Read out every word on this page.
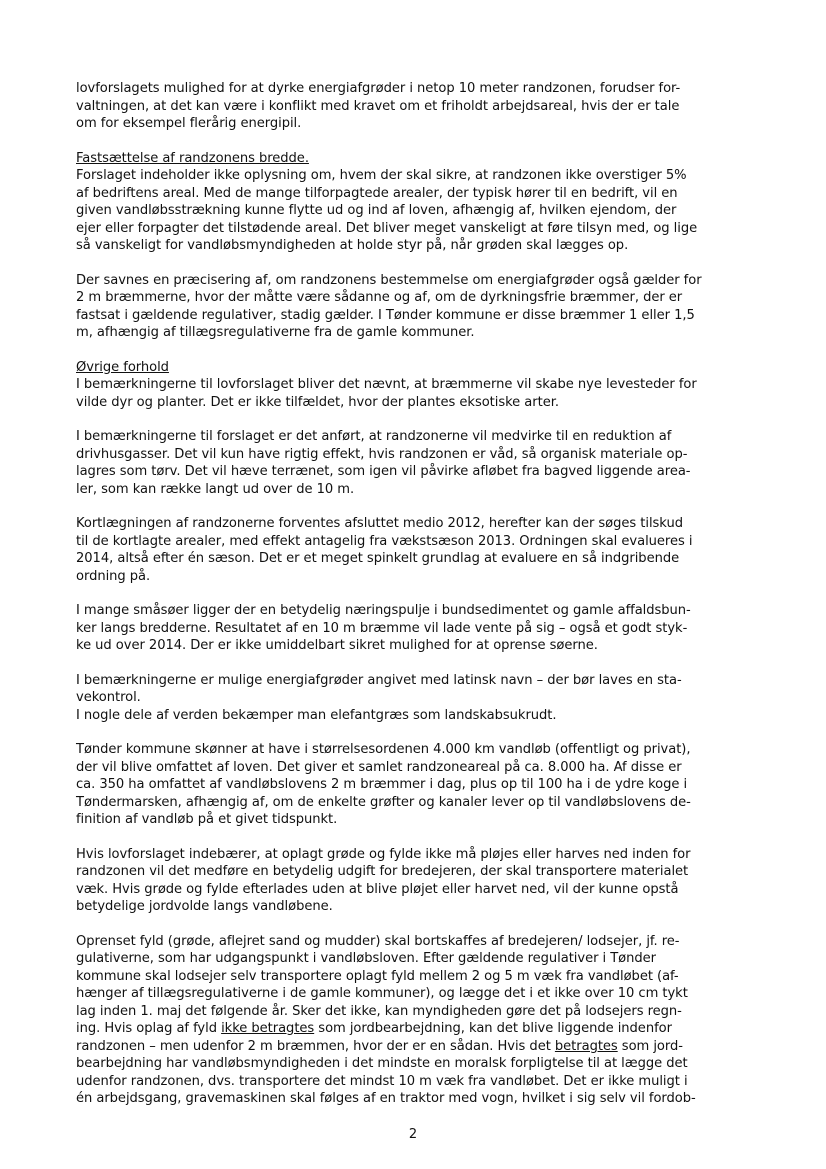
lovforslagets mulighed for at dyrke energiafgrøder i netop 10 meter randzonen, forudser for-
valtningen, at det kan være i konflikt med kravet om et friholdt arbejdsareal, hvis der er tale
om for eksempel flerårig energipil.
Fastsættelse af randzonens bredde.
Forslaget indeholder ikke oplysning om, hvem der skal sikre, at randzonen ikke overstiger 5%
af bedriftens areal. Med de mange tilforpagtede arealer, der typisk hører til en bedrift, vil en
given vandløbsstrækning kunne flytte ud og ind af loven, afhængig af, hvilken ejendom, der
ejer eller forpagter det tilstødende areal. Det bliver meget vanskeligt at føre tilsyn med, og lige
så vanskeligt for vandløbsmyndigheden at holde styr på, når grøden skal lægges op.
Der savnes en præcisering af, om randzonens bestemmelse om energiafgrøder også gælder for
2 m bræmmerne, hvor der måtte være sådanne og af, om de dyrkningsfrie bræmmer, der er
fastsat i gældende regulativer, stadig gælder. I Tønder kommune er disse bræmmer 1 eller 1,5
m, afhængig af tillægsregulativerne fra de gamle kommuner.
Øvrige forhold
I bemærkningerne til lovforslaget bliver det nævnt, at bræmmerne vil skabe nye levesteder for
vilde dyr og planter. Det er ikke tilfældet, hvor der plantes eksotiske arter.
I bemærkningerne til forslaget er det anført, at randzonerne vil medvirke til en reduktion af
drivhusgasser. Det vil kun have rigtig effekt, hvis randzonen er våd, så organisk materiale op-
lagres som tørv. Det vil hæve terrænet, som igen vil påvirke afløbet fra bagved liggende area-
ler, som kan række langt ud over de 10 m.
Kortlægningen af randzonerne forventes afsluttet medio 2012, herefter kan der søges tilskud
til de kortlagte arealer, med effekt antagelig fra vækstsæson 2013. Ordningen skal evalueres i
2014, altså efter én sæson. Det er et meget spinkelt grundlag at evaluere en så indgribende
ordning på.
I mange småsøer ligger der en betydelig næringspulje i bundsedimentet og gamle affaldsbun-
ker langs bredderne. Resultatet af en 10 m bræmme vil lade vente på sig – også et godt styk-
ke ud over 2014. Der er ikke umiddelbart sikret mulighed for at oprense søerne.
I bemærkningerne er mulige energiafgrøder angivet med latinsk navn – der bør laves en sta-
vekontrol.
I nogle dele af verden bekæmper man elefantgræs som landskabsukrudt.
Tønder kommune skønner at have i størrelsesordenen 4.000 km vandløb (offentligt og privat),
der vil blive omfattet af loven. Det giver et samlet randzoneareal på ca. 8.000 ha. Af disse er
ca. 350 ha omfattet af vandløbslovens 2 m bræmmer i dag, plus op til 100 ha i de ydre koge i
Tøndermarsken, afhængig af, om de enkelte grøfter og kanaler lever op til vandløbslovens de-
finition af vandløb på et givet tidspunkt.
Hvis lovforslaget indebærer, at oplagt grøde og fylde ikke må pløjes eller harves ned inden for
randzonen vil det medføre en betydelig udgift for bredejeren, der skal transportere materialet
væk. Hvis grøde og fylde efterlades uden at blive pløjet eller harvet ned, vil der kunne opstå
betydelige jordvolde langs vandløbene.
Oprenset fyld (grøde, aflejret sand og mudder) skal bortskaffes af bredejeren/ lodsejer, jf. re-
gulativerne, som har udgangspunkt i vandløbsloven. Efter gældende regulativer i Tønder
kommune skal lodsejer selv transportere oplagt fyld mellem 2 og 5 m væk fra vandløbet (af-
hænger af tillægsregulativerne i de gamle kommuner), og lægge det i et ikke over 10 cm tykt
lag inden 1. maj det følgende år. Sker det ikke, kan myndigheden gøre det på lodsejers regn-
ing. Hvis oplag af fyld ikke betragtes som jordbearbejdning, kan det blive liggende indenfor
randzonen – men udenfor 2 m bræmmen, hvor der er en sådan. Hvis det betragtes som jord-
bearbejdning har vandløbsmyndigheden i det mindste en moralsk forpligtelse til at lægge det
udenfor randzonen, dvs. transportere det mindst 10 m væk fra vandløbet. Det er ikke muligt i
én arbejdsgang, gravemaskinen skal følges af en traktor med vogn, hvilket i sig selv vil fordob-
2
